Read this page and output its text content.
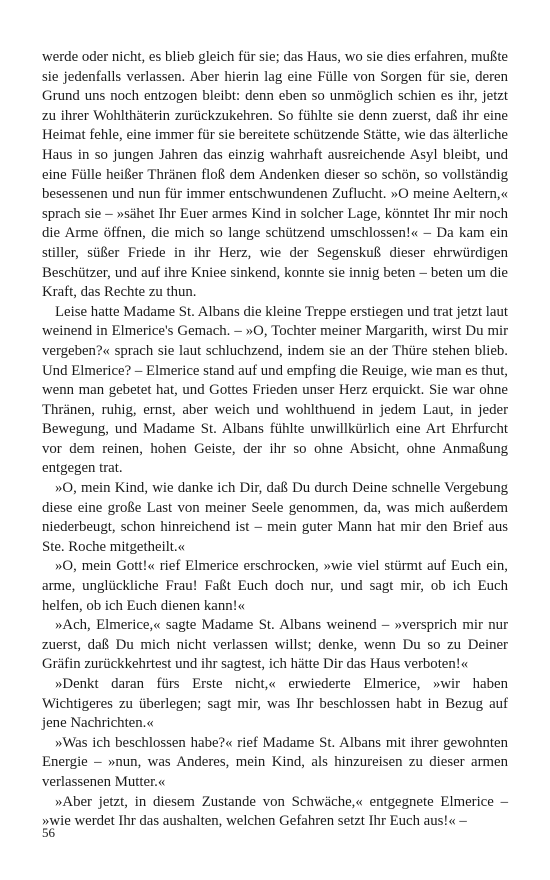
werde oder nicht, es blieb gleich für sie; das Haus, wo sie dies erfahren, mußte sie jedenfalls verlassen. Aber hierin lag eine Fülle von Sorgen für sie, deren Grund uns noch entzogen bleibt: denn eben so unmöglich schien es ihr, jetzt zu ihrer Wohlthäterin zurückzukehren. So fühlte sie denn zuerst, daß ihr eine Heimat fehle, eine immer für sie bereitete schützende Stätte, wie das älterliche Haus in so jungen Jahren das einzig wahrhaft ausreichende Asyl bleibt, und eine Fülle heißer Thränen floß dem Andenken dieser so schön, so vollständig besessenen und nun für immer entschwundenen Zuflucht. »O meine Aeltern,« sprach sie – »sähet Ihr Euer armes Kind in solcher Lage, könntet Ihr mir noch die Arme öffnen, die mich so lange schützend umschlossen!« – Da kam ein stiller, süßer Friede in ihr Herz, wie der Segenskuß dieser ehrwürdigen Beschützer, und auf ihre Kniee sinkend, konnte sie innig beten – beten um die Kraft, das Rechte zu thun.

Leise hatte Madame St. Albans die kleine Treppe erstiegen und trat jetzt laut weinend in Elmerice's Gemach. – »O, Tochter meiner Margarith, wirst Du mir vergeben?« sprach sie laut schluchzend, indem sie an der Thüre stehen blieb. Und Elmerice? – Elmerice stand auf und empfing die Reuige, wie man es thut, wenn man gebetet hat, und Gottes Frieden unser Herz erquickt. Sie war ohne Thränen, ruhig, ernst, aber weich und wohlthuend in jedem Laut, in jeder Bewegung, und Madame St. Albans fühlte unwillkürlich eine Art Ehrfurcht vor dem reinen, hohen Geiste, der ihr so ohne Absicht, ohne Anmaßung entgegen trat.

»O, mein Kind, wie danke ich Dir, daß Du durch Deine schnelle Vergebung diese eine große Last von meiner Seele genommen, da, was mich außerdem niederbeugt, schon hinreichend ist – mein guter Mann hat mir den Brief aus Ste. Roche mitgetheilt.«

»O, mein Gott!« rief Elmerice erschrocken, »wie viel stürmt auf Euch ein, arme, unglückliche Frau! Faßt Euch doch nur, und sagt mir, ob ich Euch helfen, ob ich Euch dienen kann!«

»Ach, Elmerice,« sagte Madame St. Albans weinend – »versprich mir nur zuerst, daß Du mich nicht verlassen willst; denke, wenn Du so zu Deiner Gräfin zurückkehrtest und ihr sagtest, ich hätte Dir das Haus verboten!«

»Denkt daran fürs Erste nicht,« erwiederte Elmerice, »wir haben Wichtigeres zu überlegen; sagt mir, was Ihr beschlossen habt in Bezug auf jene Nachrichten.«

»Was ich beschlossen habe?« rief Madame St. Albans mit ihrer gewohnten Energie – »nun, was Anderes, mein Kind, als hinzureisen zu dieser armen verlassenen Mutter.«

»Aber jetzt, in diesem Zustande von Schwäche,« entgegnete Elmerice – »wie werdet Ihr das aushalten, welchen Gefahren setzt Ihr Euch aus!« –

56
